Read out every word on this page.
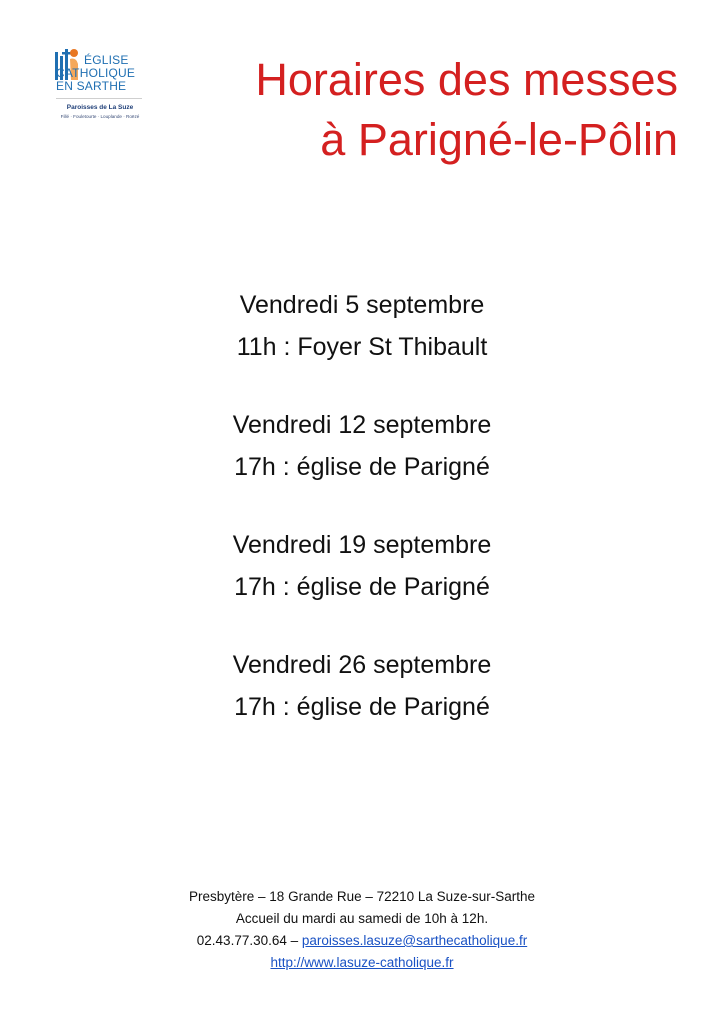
ÉGLISE
CATHOLIQUE
EN SARTHE
Paroisses de La Suze
Fillé · Fouletourte · Louplande · Roëzé
Horaires des messes
à Parigné-le-Pôlin
Vendredi 5 septembre
11h : Foyer St Thibault
Vendredi 12 septembre
17h : église de Parigné
Vendredi 19 septembre
17h : église de Parigné
Vendredi 26 septembre
17h : église de Parigné
Presbytère – 18 Grande Rue – 72210 La Suze-sur-Sarthe
Accueil du mardi au samedi de 10h à 12h.
02.43.77.30.64 – paroisses.lasuze@sarthecatholique.fr
http://www.lasuze-catholique.fr
